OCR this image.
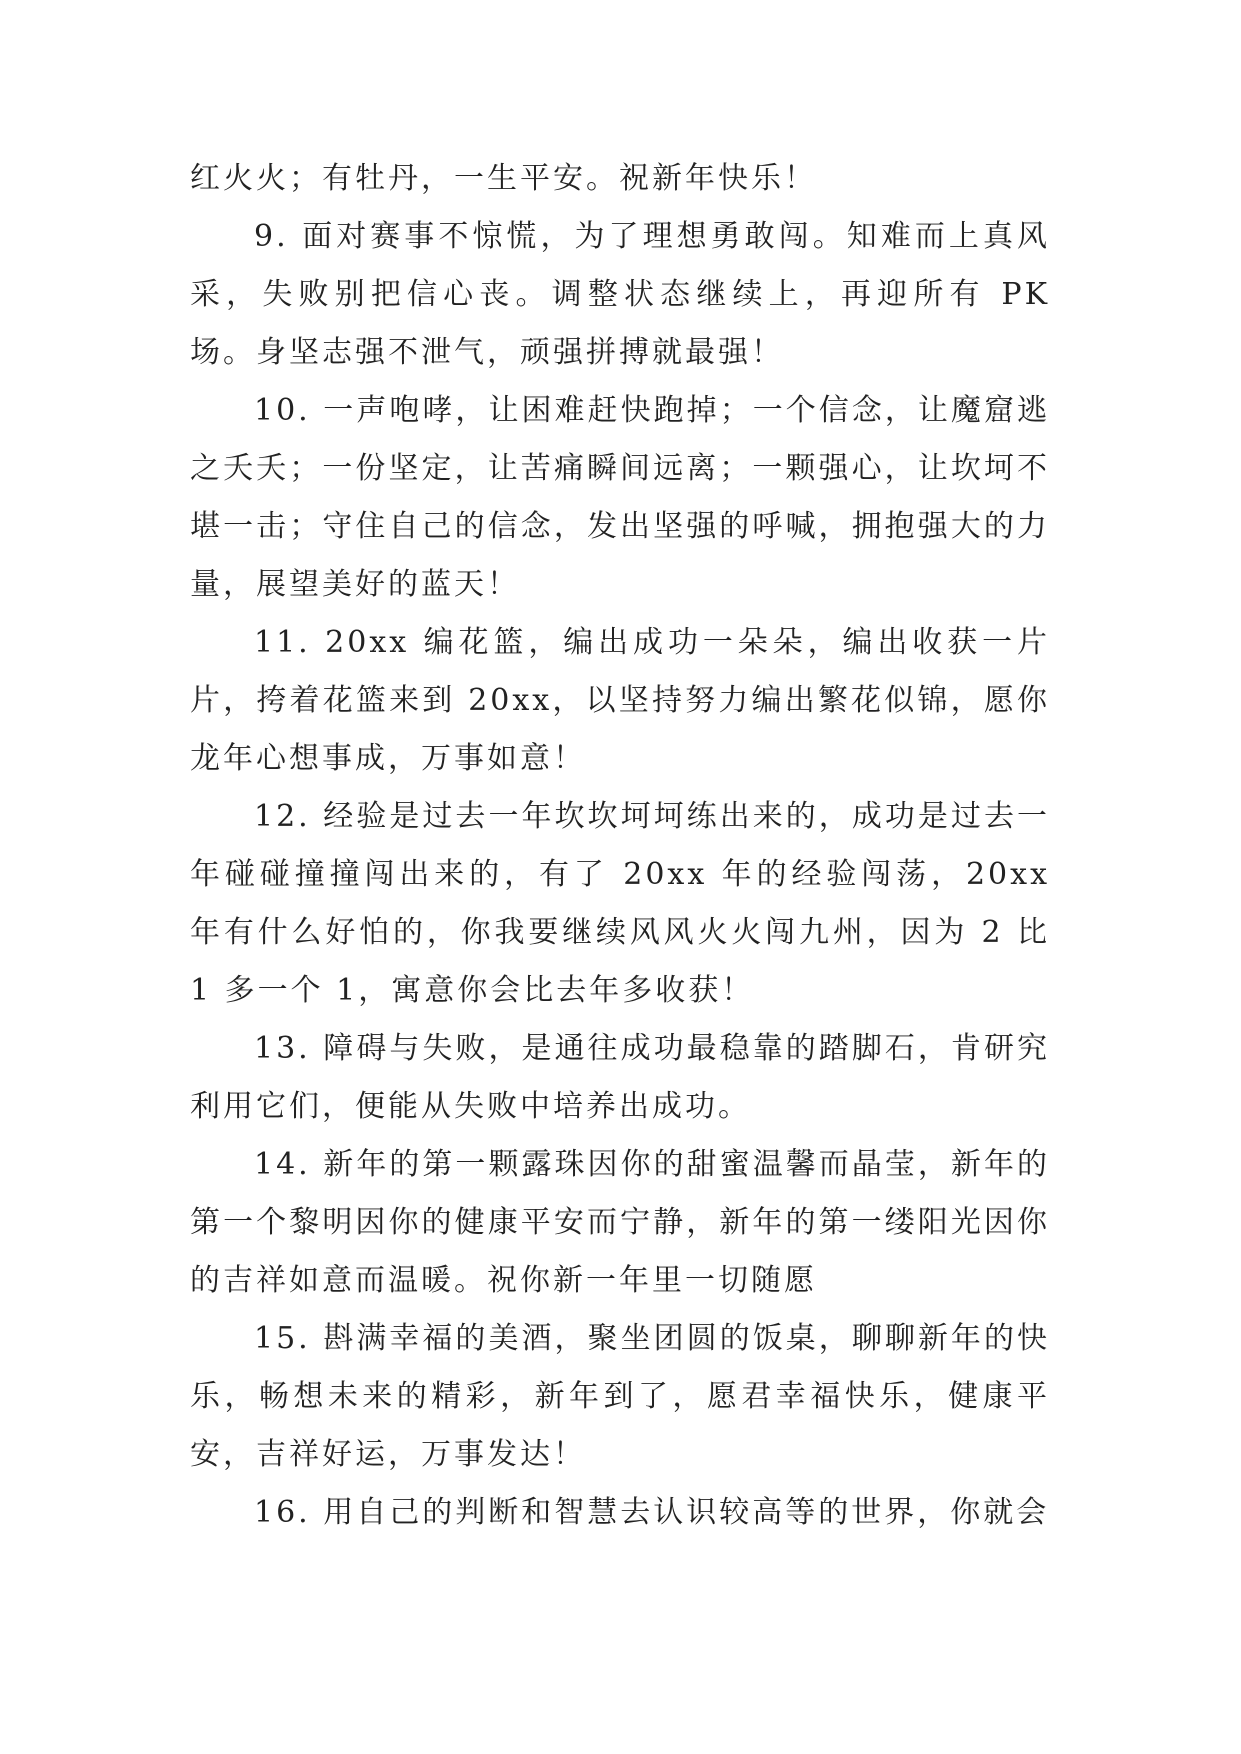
红火火；有牡丹，一生平安。祝新年快乐！

9. 面对赛事不惊慌，为了理想勇敢闯。知难而上真风采，失败别把信心丧。调整状态继续上，再迎所有 PK 场。身坚志强不泄气，顽强拼搏就最强！

10. 一声咆哮，让困难赶快跑掉；一个信念，让魔窟逃之夭夭；一份坚定，让苦痛瞬间远离；一颗强心，让坎坷不堪一击；守住自己的信念，发出坚强的呼喊，拥抱强大的力量，展望美好的蓝天！

11. 20xx 编花篮，编出成功一朵朵，编出收获一片片，挎着花篮来到 20xx，以坚持努力编出繁花似锦，愿你龙年心想事成，万事如意！

12. 经验是过去一年坎坎坷坷练出来的，成功是过去一年碰碰撞撞闯出来的，有了 20xx 年的经验闯荡，20xx 年有什么好怕的，你我要继续风风火火闯九州，因为 2 比 1 多一个 1，寓意你会比去年多收获！

13. 障碍与失败，是通往成功最稳靠的踏脚石，肯研究利用它们，便能从失败中培养出成功。

14. 新年的第一颗露珠因你的甜蜜温馨而晶莹，新年的第一个黎明因你的健康平安而宁静，新年的第一缕阳光因你的吉祥如意而温暖。祝你新一年里一切随愿

15. 斟满幸福的美酒，聚坐团圆的饭桌，聊聊新年的快乐，畅想未来的精彩，新年到了，愿君幸福快乐，健康平安，吉祥好运，万事发达！

16. 用自己的判断和智慧去认识较高等的世界，你就会
